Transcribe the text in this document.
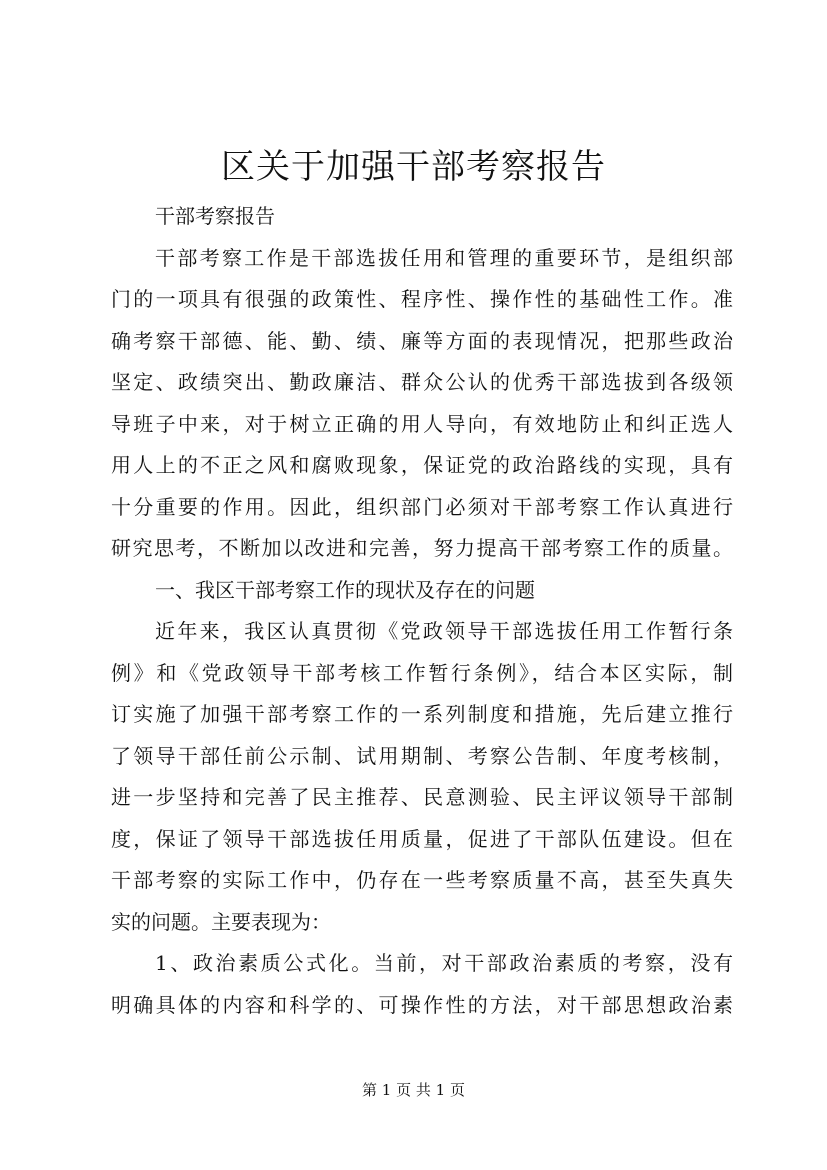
区关于加强干部考察报告
干部考察报告
干部考察工作是干部选拔任用和管理的重要环节，是组织部
门的一项具有很强的政策性、程序性、操作性的基础性工作。准
确考察干部德、能、勤、绩、廉等方面的表现情况，把那些政治
坚定、政绩突出、勤政廉洁、群众公认的优秀干部选拔到各级领
导班子中来，对于树立正确的用人导向，有效地防止和纠正选人
用人上的不正之风和腐败现象，保证党的政治路线的实现，具有
十分重要的作用。因此，组织部门必须对干部考察工作认真进行
研究思考，不断加以改进和完善，努力提高干部考察工作的质量。
一、我区干部考察工作的现状及存在的问题
近年来，我区认真贯彻《党政领导干部选拔任用工作暂行条
例》和《党政领导干部考核工作暂行条例》，结合本区实际，制
订实施了加强干部考察工作的一系列制度和措施，先后建立推行
了领导干部任前公示制、试用期制、考察公告制、年度考核制，
进一步坚持和完善了民主推荐、民意测验、民主评议领导干部制
度，保证了领导干部选拔任用质量，促进了干部队伍建设。但在
干部考察的实际工作中，仍存在一些考察质量不高，甚至失真失
实的问题。主要表现为：
1、政治素质公式化。当前，对干部政治素质的考察，没有
明确具体的内容和科学的、可操作性的方法，对干部思想政治素
第 1 页 共 1 页
